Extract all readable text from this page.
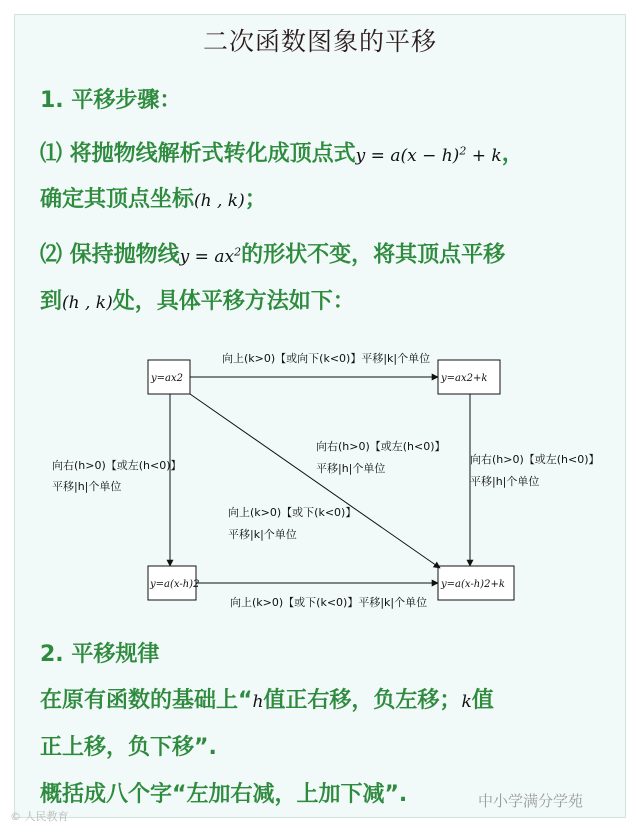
二次函数图象的平移
1. 平移步骤：
⑴ 将抛物线解析式转化成顶点式$y = a(x - h)^2 + k$，
确定其顶点坐标(h , k)；
⑵ 保持抛物线$y = ax^2$的形状不变，将其顶点平移
到(h , k)处，具体平移方法如下：
y=ax2	y=ax2+k
y=a(x-h)2	y=a(x-h)2+k
向上(k>0)【或向下(k<0)】平移|k|个单位
向上(k>0)【或下(k<0)】平移|k|个单位
向右(h>0)【或左(h<0)】
平移|h|个单位
向右(h>0)【或左(h<0)】
平移|h|个单位
向右(h>0)【或左(h<0)】
平移|h|个单位
向上(k>0)【或下(k<0)】
平移|k|个单位
2. 平移规律
在原有函数的基础上“h值正右移，负左移；k值
正上移，负下移”.
概括成八个字“左加右减，上加下减”.
© 人民教育
中小学满分学苑
